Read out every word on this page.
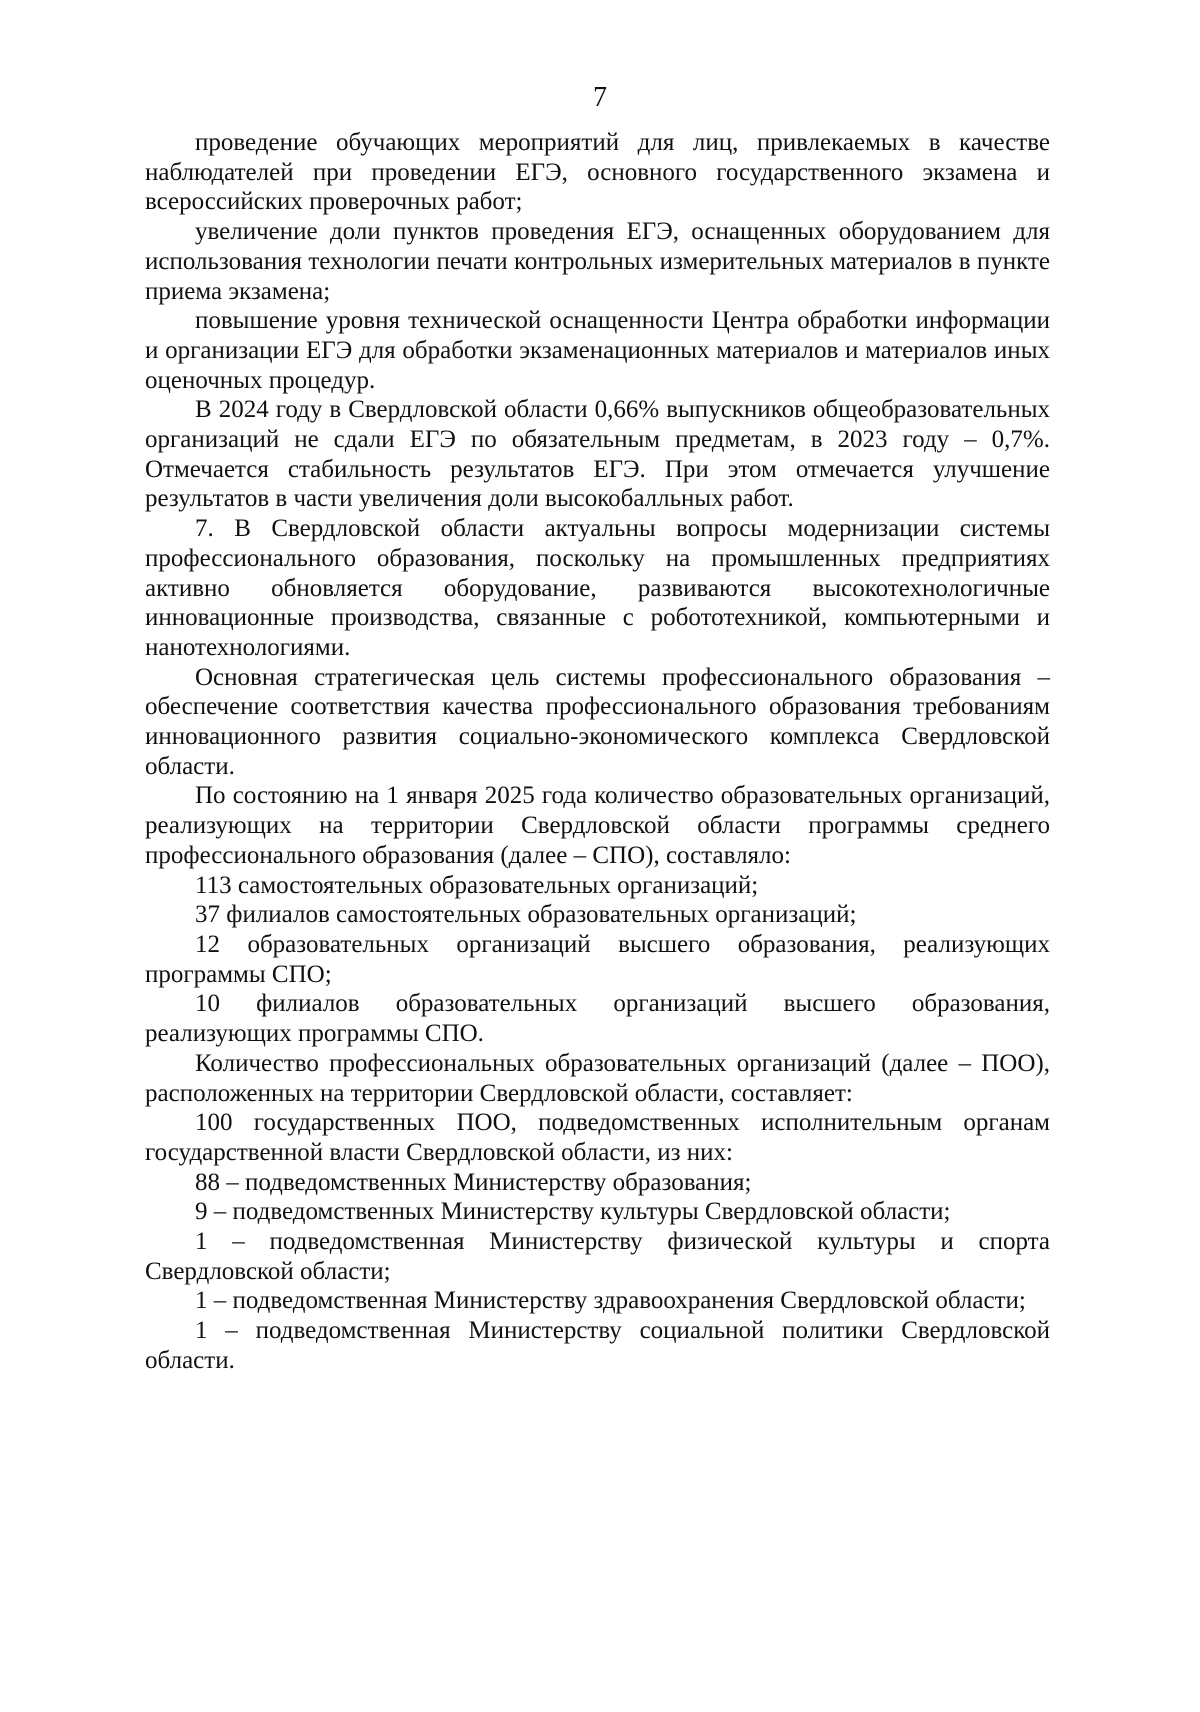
7

проведение обучающих мероприятий для лиц, привлекаемых в качестве наблюдателей при проведении ЕГЭ, основного государственного экзамена и всероссийских проверочных работ;

увеличение доли пунктов проведения ЕГЭ, оснащенных оборудованием для использования технологии печати контрольных измерительных материалов в пункте приема экзамена;

повышение уровня технической оснащенности Центра обработки информации и организации ЕГЭ для обработки экзаменационных материалов и материалов иных оценочных процедур.

В 2024 году в Свердловской области 0,66% выпускников общеобразовательных организаций не сдали ЕГЭ по обязательным предметам, в 2023 году – 0,7%. Отмечается стабильность результатов ЕГЭ. При этом отмечается улучшение результатов в части увеличения доли высокобалльных работ.

7. В Свердловской области актуальны вопросы модернизации системы профессионального образования, поскольку на промышленных предприятиях активно обновляется оборудование, развиваются высокотехнологичные инновационные производства, связанные с робототехникой, компьютерными и нанотехнологиями.

Основная стратегическая цель системы профессионального образования – обеспечение соответствия качества профессионального образования требованиям инновационного развития социально-экономического комплекса Свердловской области.

По состоянию на 1 января 2025 года количество образовательных организаций, реализующих на территории Свердловской области программы среднего профессионального образования (далее – СПО), составляло:

113 самостоятельных образовательных организаций;

37 филиалов самостоятельных образовательных организаций;

12 образовательных организаций высшего образования, реализующих программы СПО;

10 филиалов образовательных организаций высшего образования, реализующих программы СПО.

Количество профессиональных образовательных организаций (далее – ПОО), расположенных на территории Свердловской области, составляет:

100 государственных ПОО, подведомственных исполнительным органам государственной власти Свердловской области, из них:

88 – подведомственных Министерству образования;

9 – подведомственных Министерству культуры Свердловской области;

1 – подведомственная Министерству физической культуры и спорта Свердловской области;

1 – подведомственная Министерству здравоохранения Свердловской области;

1 – подведомственная Министерству социальной политики Свердловской области.
